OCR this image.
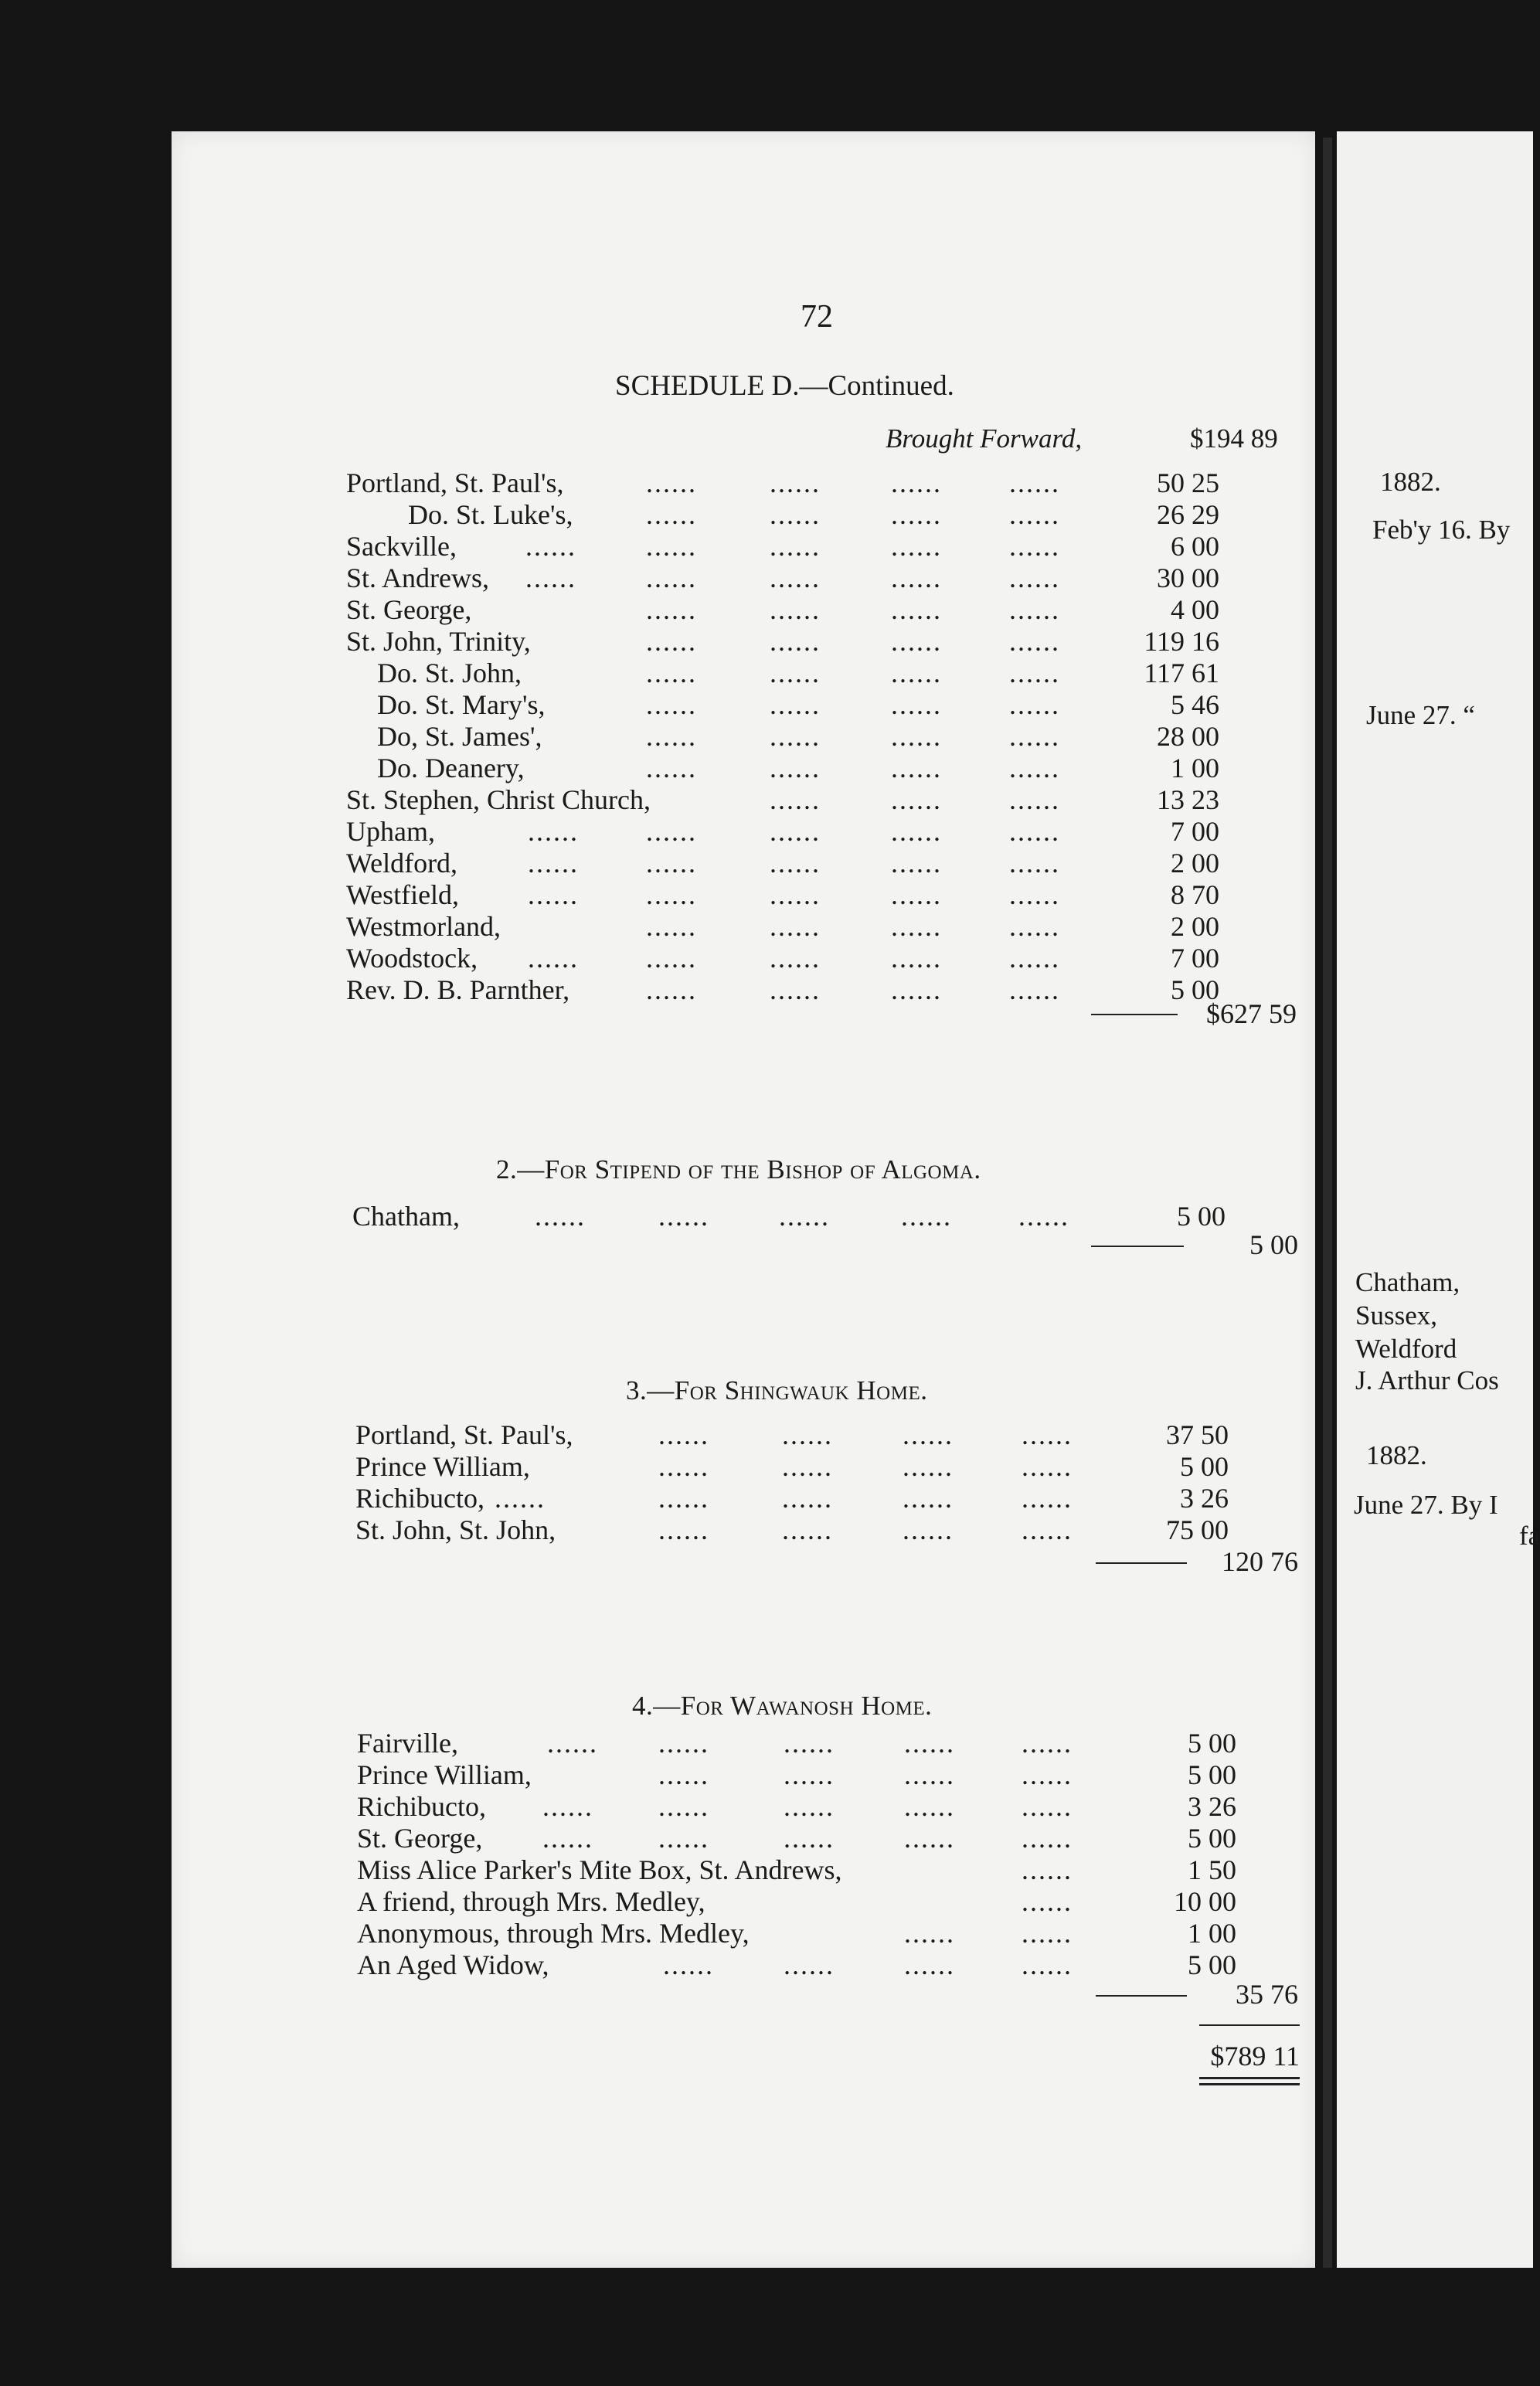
72
SCHEDULE D.—Continued.
Brought Forward,	$194 89
Portland, St. Paul's,	......	......	...... ......	50 25
Do. St. Luke's,	......	......	...... ......	26 29
Sackville, ......	......	......	...... ......	6 00
St. Andrews, ......	......	......	...... ......	30 00
St. George,	......	......	...... ......	4 00
St. John, Trinity,	......	......	...... ......	119 16
Do. St. John,	......	......	...... ......	117 61
Do. St. Mary's,	......	......	...... ......	5 46
Do, St. James',	......	......	...... ......	28 00
Do. Deanery,	......	......	...... ......	1 00
St. Stephen, Christ Church,	......	...... ......	13 23
Upham,	...... ......	......	...... ......	7 00
Weldford,	...... ......	......	...... ......	2 00
Westfield, ...... ......	......	...... ......	8 70
Westmorland,	......	......	...... ......	2 00
Woodstock, ...... ......	......	...... ......	7 00
Rev. D. B. Parnther,	......	......	...... ......	5 00
$627 59
2.—For Stipend of the Bishop of Algoma.
Chatham,	......	......	......	...... ......	5 00
5 00
3.—For Shingwauk Home.
Portland, St. Paul's,	......	......	...... ......	37 50
Prince William,	......	......	...... ......	5 00
Richibucto, ......	......	......	...... ......	3 26
St. John, St. John,	......	......	...... ......	75 00
120 76
4.—For Wawanosh Home.
Fairville,	...... ......	......	...... ......	5 00
Prince William,	......	......	...... ......	5 00
Richibucto, ...... ......	......	...... ......	3 26
St. George, ...... ......	......	...... ......	5 00
Miss Alice Parker's Mite Box, St. Andrews,	......	1 50
A friend, through Mrs. Medley,	......	10 00
Anonymous, through Mrs. Medley,	...... ......	1 00
An Aged Widow,	......	......	...... ......	5 00
35 76
$789 11
1882.
Feb'y 16. By
June 27. “
Chatham,
Sussex,
Weldford
J. Arthur Cos
1882.
June 27. By I
fa
